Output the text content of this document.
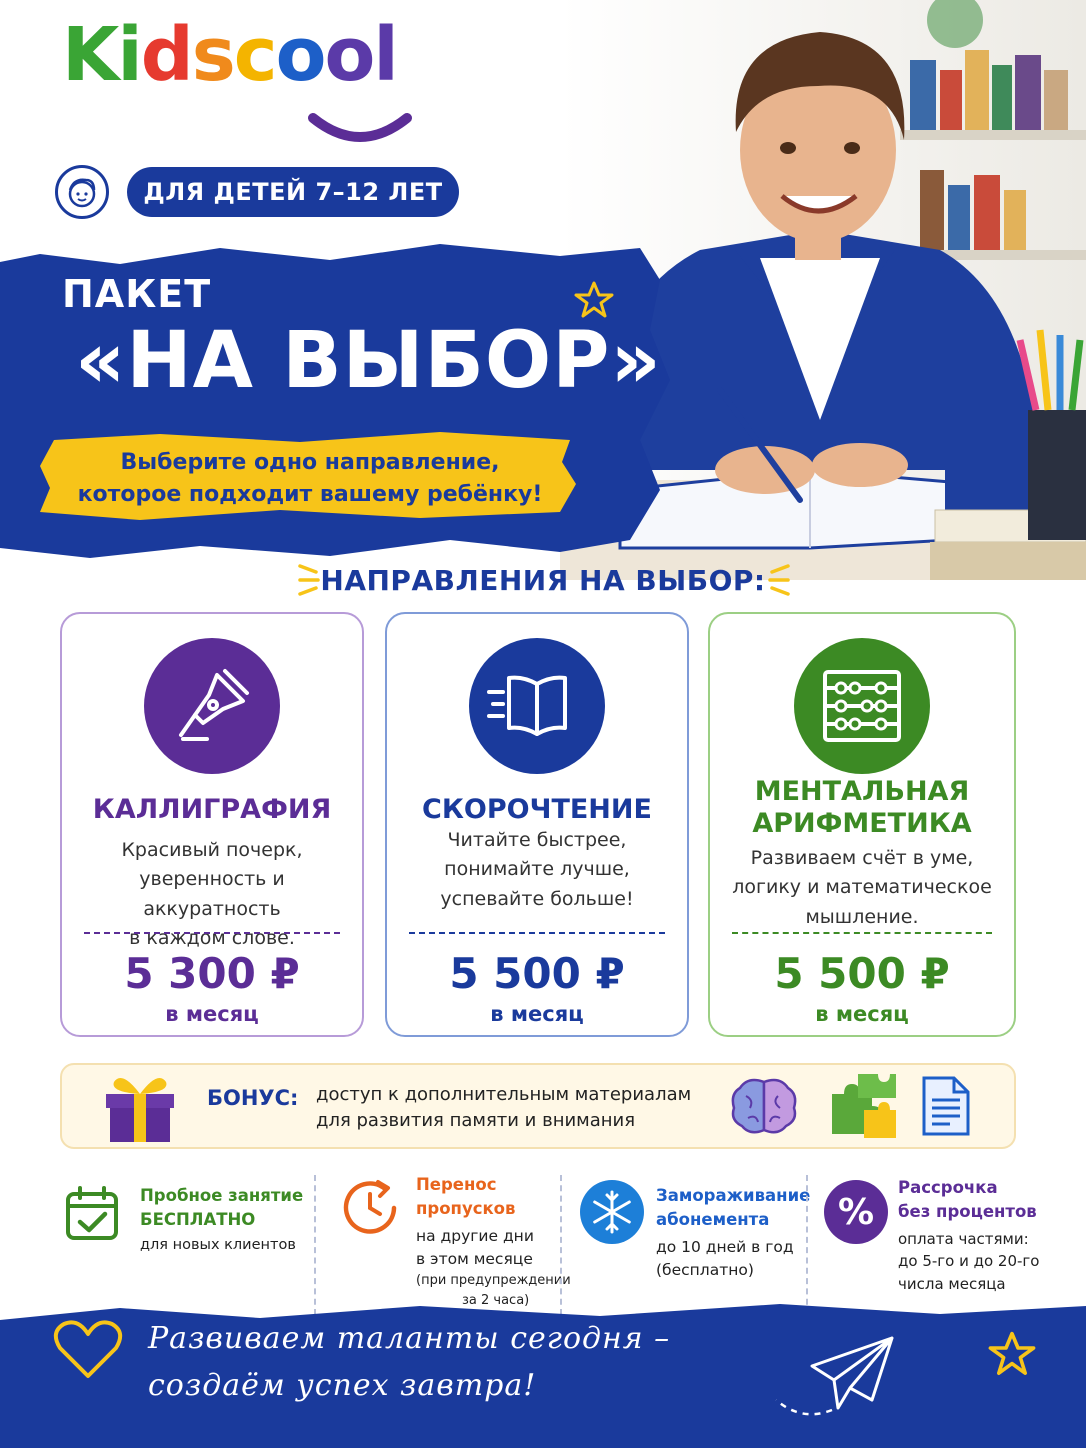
Kidscool
ДЛЯ ДЕТЕЙ 7–12 ЛЕТ
ПАКЕТ
«НА ВЫБОР»
Выберите одно направление,
которое подходит вашему ребёнку!
НАПРАВЛЕНИЯ НА ВЫБОР:
КАЛЛИГРАФИЯ
Красивый почерк,
уверенность и аккуратность
в каждом слове.
5 300 ₽
в месяц
СКОРОЧТЕНИЕ
Читайте быстрее,
понимайте лучше,
успевайте больше!
5 500 ₽
в месяц
МЕНТАЛЬНАЯ
АРИФМЕТИКА
Развиваем счёт в уме,
логику и математическое
мышление.
5 500 ₽
в месяц
БОНУС: доступ к дополнительным материалам
для развития памяти и внимания
Пробное занятие
БЕСПЛАТНО
для новых клиентов
Перенос
пропусков
на другие дни
в этом месяце
(при предупреждении
за 2 часа)
Замораживание
абонемента
до 10 дней в год
(бесплатно)
%
Рассрочка
без процентов
оплата частями:
до 5-го и до 20-го
числа месяца
Развиваем таланты сегодня –
создаём успех завтра!
